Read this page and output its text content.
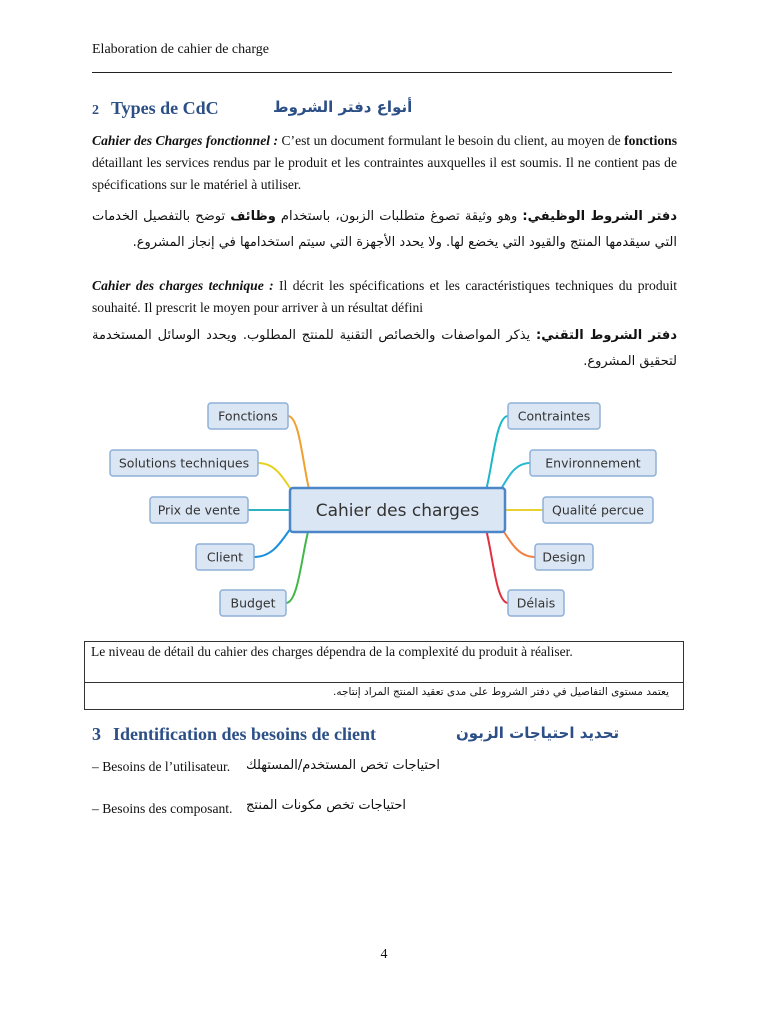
Elaboration de cahier de charge
2 Types de CdC	أنواع دفتر الشروط
Cahier des Charges fonctionnel : C’est un document formulant le besoin du client, au moyen de fonctions détaillant les services rendus par le produit et les contraintes auxquelles il est soumis. Il ne contient pas de spécifications sur le matériel à utiliser.
دفتر الشروط الوظيفي: وهو وثيقة تصوغ متطلبات الزبون، باستخدام وظائف توضح بالتفصيل الخدمات التي سيقدمها المنتج والقيود التي يخضع لها. ولا يحدد الأجهزة التي سيتم استخدامها في إنجاز المشروع.
Cahier des charges technique : Il décrit les spécifications et les caractéristiques techniques du produit souhaité. Il prescrit le moyen pour arriver à un résultat défini
دفتر الشروط التقني: يذكر المواصفات والخصائص التقنية للمنتج المطلوب. ويحدد الوسائل المستخدمة لتحقيق المشروع.
Fonctions
Solutions techniques
Prix de vente
Client
Budget
Contraintes
Environnement
Qualité percue
Design
Délais
Cahier des charges
Le niveau de détail du cahier des charges dépendra de la complexité du produit à réaliser.
يعتمد مستوى التفاصيل في دفتر الشروط على مدى تعقيد المنتج المراد إنتاجه.
3 Identification des besoins de client	تحديد احتياجات الزبون
– Besoins de l’utilisateur. احتياجات تخص المستخدم/المستهلك
– Besoins des composant. احتياجات تخص مكونات المنتج
4
